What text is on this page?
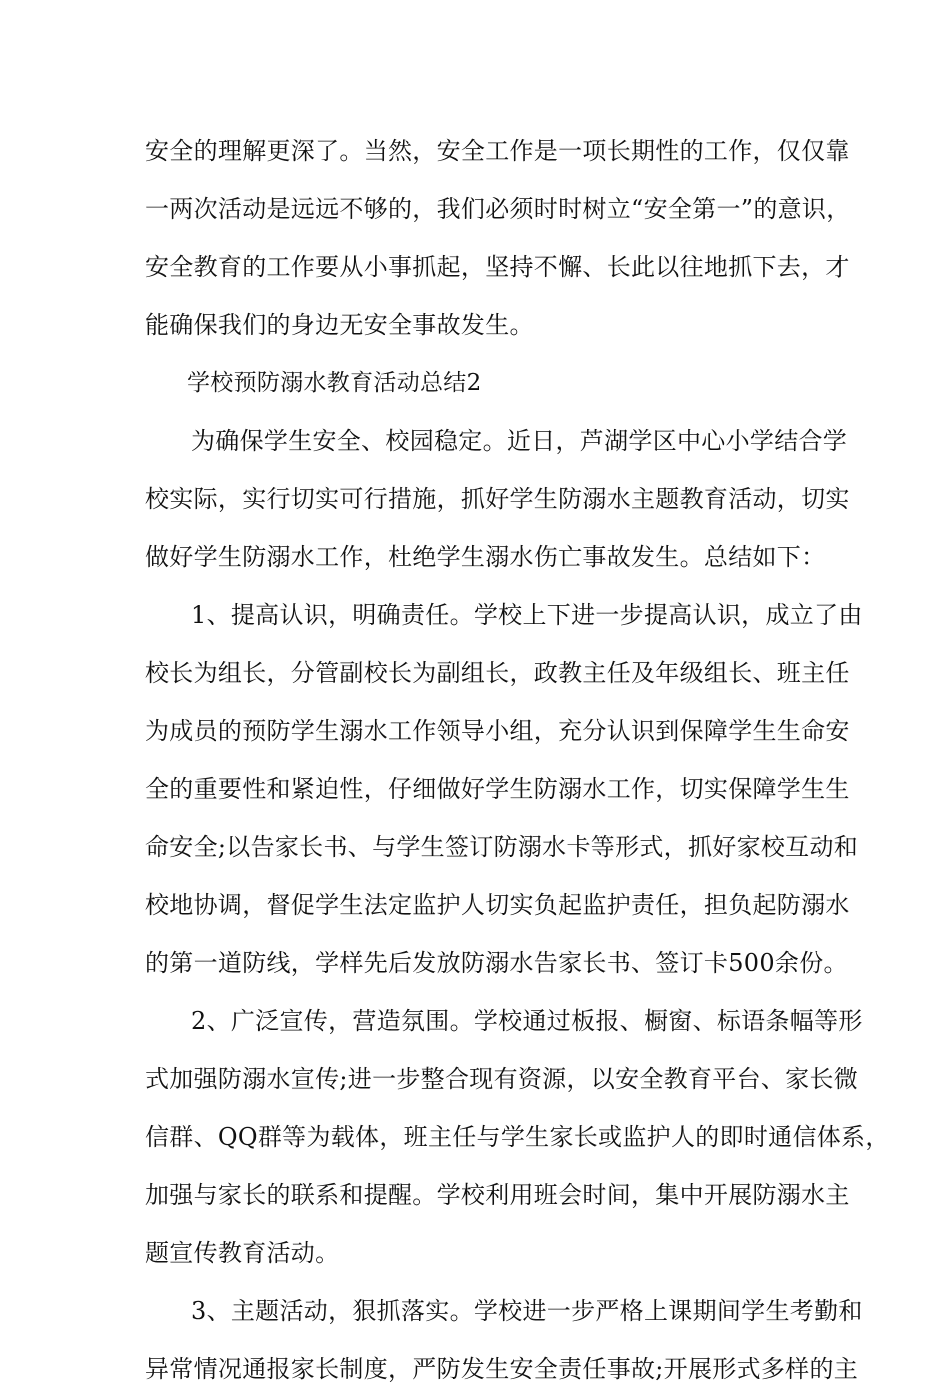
安全的理解更深了。当然，安全工作是一项长期性的工作，仅仅靠
一两次活动是远远不够的，我们必须时时树立“安全第一”的意识，
安全教育的工作要从小事抓起，坚持不懈、长此以往地抓下去，才
能确保我们的身边无安全事故发生。
学校预防溺水教育活动总结2
为确保学生安全、校园稳定。近日，芦湖学区中心小学结合学
校实际，实行切实可行措施，抓好学生防溺水主题教育活动，切实
做好学生防溺水工作，杜绝学生溺水伤亡事故发生。总结如下：
1、提高认识，明确责任。学校上下进一步提高认识，成立了由
校长为组长，分管副校长为副组长，政教主任及年级组长、班主任
为成员的预防学生溺水工作领导小组，充分认识到保障学生生命安
全的重要性和紧迫性，仔细做好学生防溺水工作，切实保障学生生
命安全;以告家长书、与学生签订防溺水卡等形式，抓好家校互动和
校地协调，督促学生法定监护人切实负起监护责任，担负起防溺水
的第一道防线，学样先后发放防溺水告家长书、签订卡500余份。
2、广泛宣传，营造氛围。学校通过板报、橱窗、标语条幅等形
式加强防溺水宣传;进一步整合现有资源，以安全教育平台、家长微
信群、QQ群等为载体，班主任与学生家长或监护人的即时通信体系，
加强与家长的联系和提醒。学校利用班会时间，集中开展防溺水主
题宣传教育活动。
3、主题活动，狠抓落实。学校进一步严格上课期间学生考勤和
异常情况通报家长制度，严防发生安全责任事故;开展形式多样的主
